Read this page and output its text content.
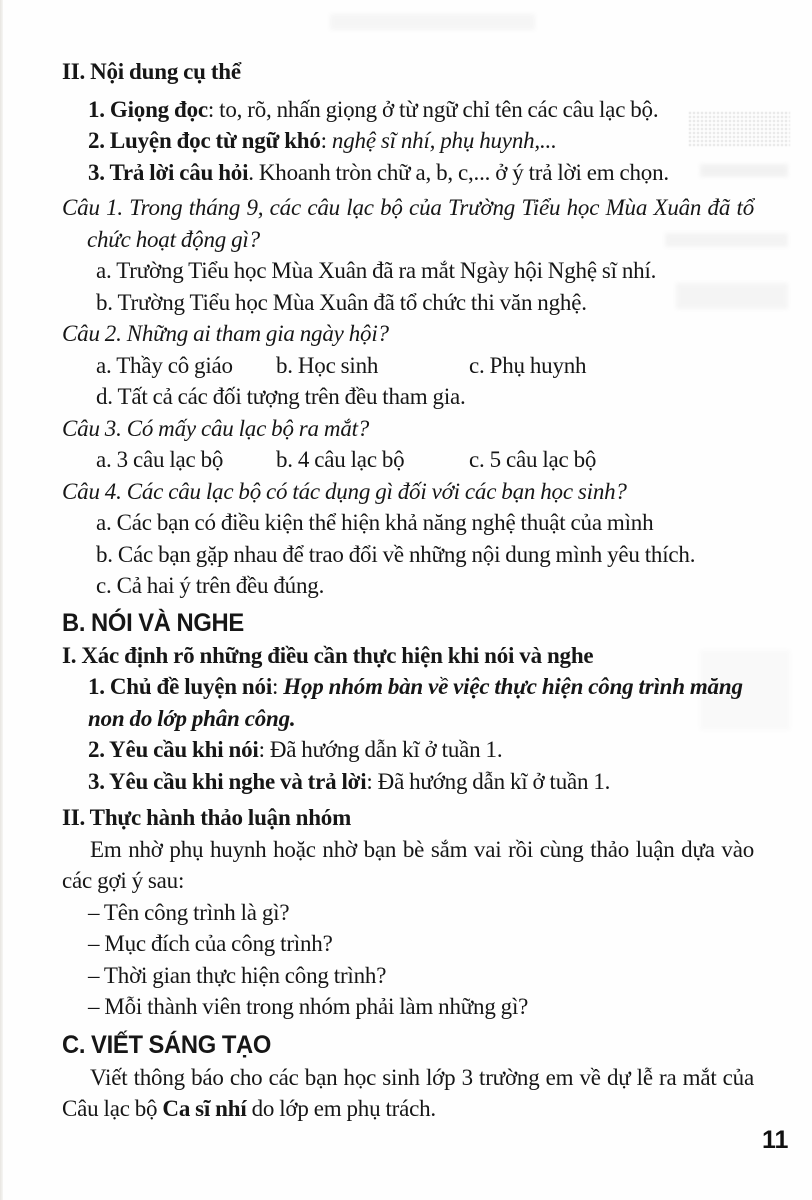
II. Nội dung cụ thể

1. Giọng đọc: to, rõ, nhấn giọng ở từ ngữ chỉ tên các câu lạc bộ.

2. Luyện đọc từ ngữ khó: nghệ sĩ nhí, phụ huynh,...

3. Trả lời câu hỏi. Khoanh tròn chữ a, b, c,... ở ý trả lời em chọn.

Câu 1. Trong tháng 9, các câu lạc bộ của Trường Tiểu học Mùa Xuân đã tổ chức hoạt động gì?

a. Trường Tiểu học Mùa Xuân đã ra mắt Ngày hội Nghệ sĩ nhí.

b. Trường Tiểu học Mùa Xuân đã tổ chức thi văn nghệ.

Câu 2. Những ai tham gia ngày hội?

a. Thầy cô giáo	b. Học sinh	c. Phụ huynh

d. Tất cả các đối tượng trên đều tham gia.

Câu 3. Có mấy câu lạc bộ ra mắt?

a. 3 câu lạc bộ	b. 4 câu lạc bộ	c. 5 câu lạc bộ

Câu 4. Các câu lạc bộ có tác dụng gì đối với các bạn học sinh?

a. Các bạn có điều kiện thể hiện khả năng nghệ thuật của mình

b. Các bạn gặp nhau để trao đổi về những nội dung mình yêu thích.

c. Cả hai ý trên đều đúng.

B. NÓI VÀ NGHE

I. Xác định rõ những điều cần thực hiện khi nói và nghe

1. Chủ đề luyện nói: Họp nhóm bàn về việc thực hiện công trình măng non do lớp phân công.

2. Yêu cầu khi nói: Đã hướng dẫn kĩ ở tuần 1.

3. Yêu cầu khi nghe và trả lời: Đã hướng dẫn kĩ ở tuần 1.

II. Thực hành thảo luận nhóm

Em nhờ phụ huynh hoặc nhờ bạn bè sắm vai rồi cùng thảo luận dựa vào các gợi ý sau:

– Tên công trình là gì?

– Mục đích của công trình?

– Thời gian thực hiện công trình?

– Mỗi thành viên trong nhóm phải làm những gì?

C. VIẾT SÁNG TẠO

Viết thông báo cho các bạn học sinh lớp 3 trường em về dự lễ ra mắt của Câu lạc bộ Ca sĩ nhí do lớp em phụ trách.

11
